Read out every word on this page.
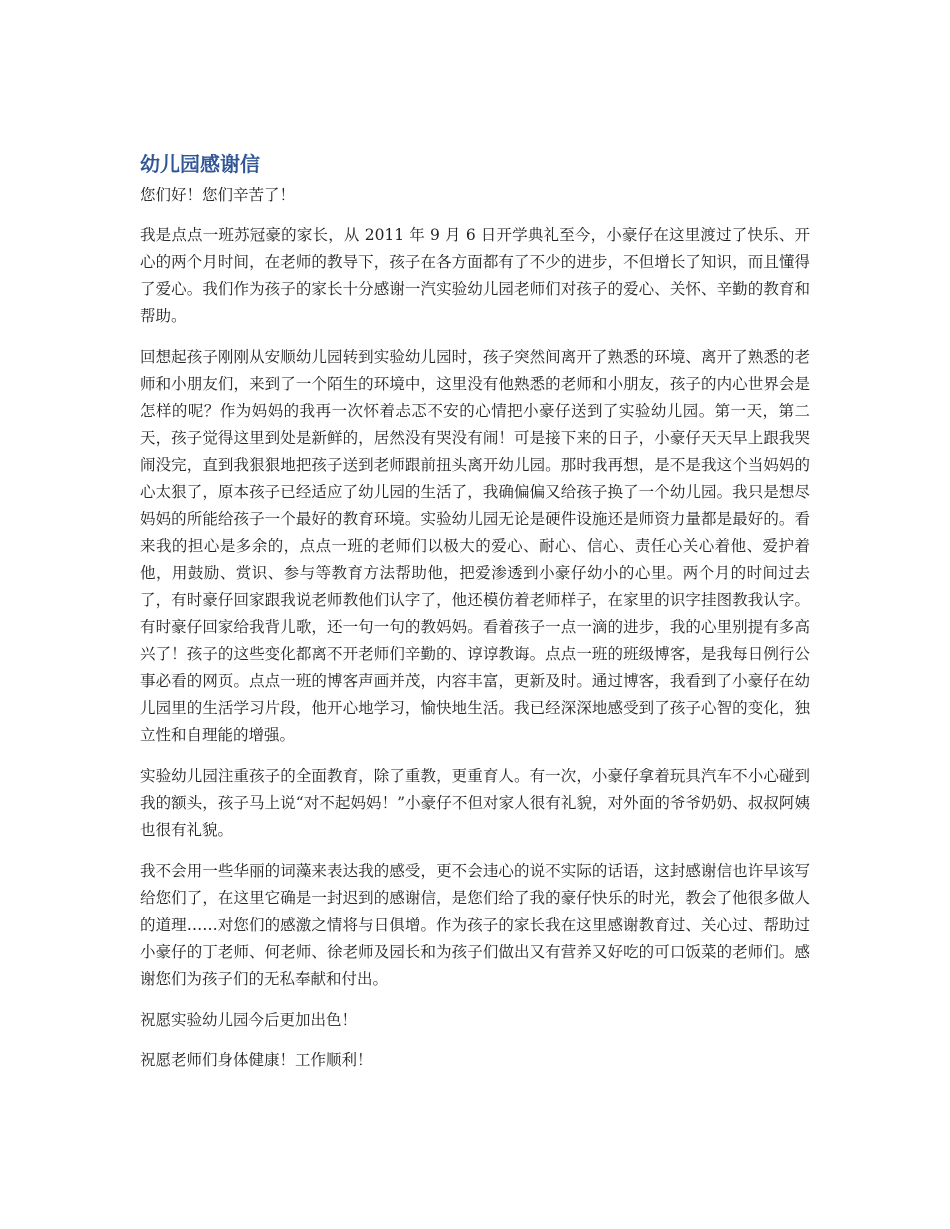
幼儿园感谢信

您们好！您们辛苦了！

我是点点一班苏冠豪的家长，从 2011 年 9 月 6 日开学典礼至今，小豪仔在这里渡过了快乐、开心的两个月时间，在老师的教导下，孩子在各方面都有了不少的进步，不但增长了知识，而且懂得了爱心。我们作为孩子的家长十分感谢一汽实验幼儿园老师们对孩子的爱心、关怀、辛勤的教育和帮助。

回想起孩子刚刚从安顺幼儿园转到实验幼儿园时，孩子突然间离开了熟悉的环境、离开了熟悉的老师和小朋友们，来到了一个陌生的环境中，这里没有他熟悉的老师和小朋友，孩子的内心世界会是怎样的呢？作为妈妈的我再一次怀着忐忑不安的心情把小豪仔送到了实验幼儿园。第一天，第二天，孩子觉得这里到处是新鲜的，居然没有哭没有闹！可是接下来的日子，小豪仔天天早上跟我哭闹没完，直到我狠狠地把孩子送到老师跟前扭头离开幼儿园。那时我再想，是不是我这个当妈妈的心太狠了，原本孩子已经适应了幼儿园的生活了，我确偏偏又给孩子换了一个幼儿园。我只是想尽妈妈的所能给孩子一个最好的教育环境。实验幼儿园无论是硬件设施还是师资力量都是最好的。看来我的担心是多余的，点点一班的老师们以极大的爱心、耐心、信心、责任心关心着他、爱护着他，用鼓励、赏识、参与等教育方法帮助他，把爱渗透到小豪仔幼小的心里。两个月的时间过去了，有时豪仔回家跟我说老师教他们认字了，他还模仿着老师样子，在家里的识字挂图教我认字。有时豪仔回家给我背儿歌，还一句一句的教妈妈。看着孩子一点一滴的进步，我的心里别提有多高兴了！孩子的这些变化都离不开老师们辛勤的、谆谆教诲。点点一班的班级博客，是我每日例行公事必看的网页。点点一班的博客声画并茂，内容丰富，更新及时。通过博客，我看到了小豪仔在幼儿园里的生活学习片段，他开心地学习，愉快地生活。我已经深深地感受到了孩子心智的变化，独立性和自理能的增强。

实验幼儿园注重孩子的全面教育，除了重教，更重育人。有一次，小豪仔拿着玩具汽车不小心碰到我的额头，孩子马上说“对不起妈妈！”小豪仔不但对家人很有礼貌，对外面的爷爷奶奶、叔叔阿姨也很有礼貌。

我不会用一些华丽的词藻来表达我的感受，更不会违心的说不实际的话语，这封感谢信也许早该写给您们了，在这里它确是一封迟到的感谢信，是您们给了我的豪仔快乐的时光，教会了他很多做人的道理……对您们的感激之情将与日俱增。作为孩子的家长我在这里感谢教育过、关心过、帮助过小豪仔的丁老师、何老师、徐老师及园长和为孩子们做出又有营养又好吃的可口饭菜的老师们。感谢您们为孩子们的无私奉献和付出。

祝愿实验幼儿园今后更加出色！

祝愿老师们身体健康！工作顺利！
